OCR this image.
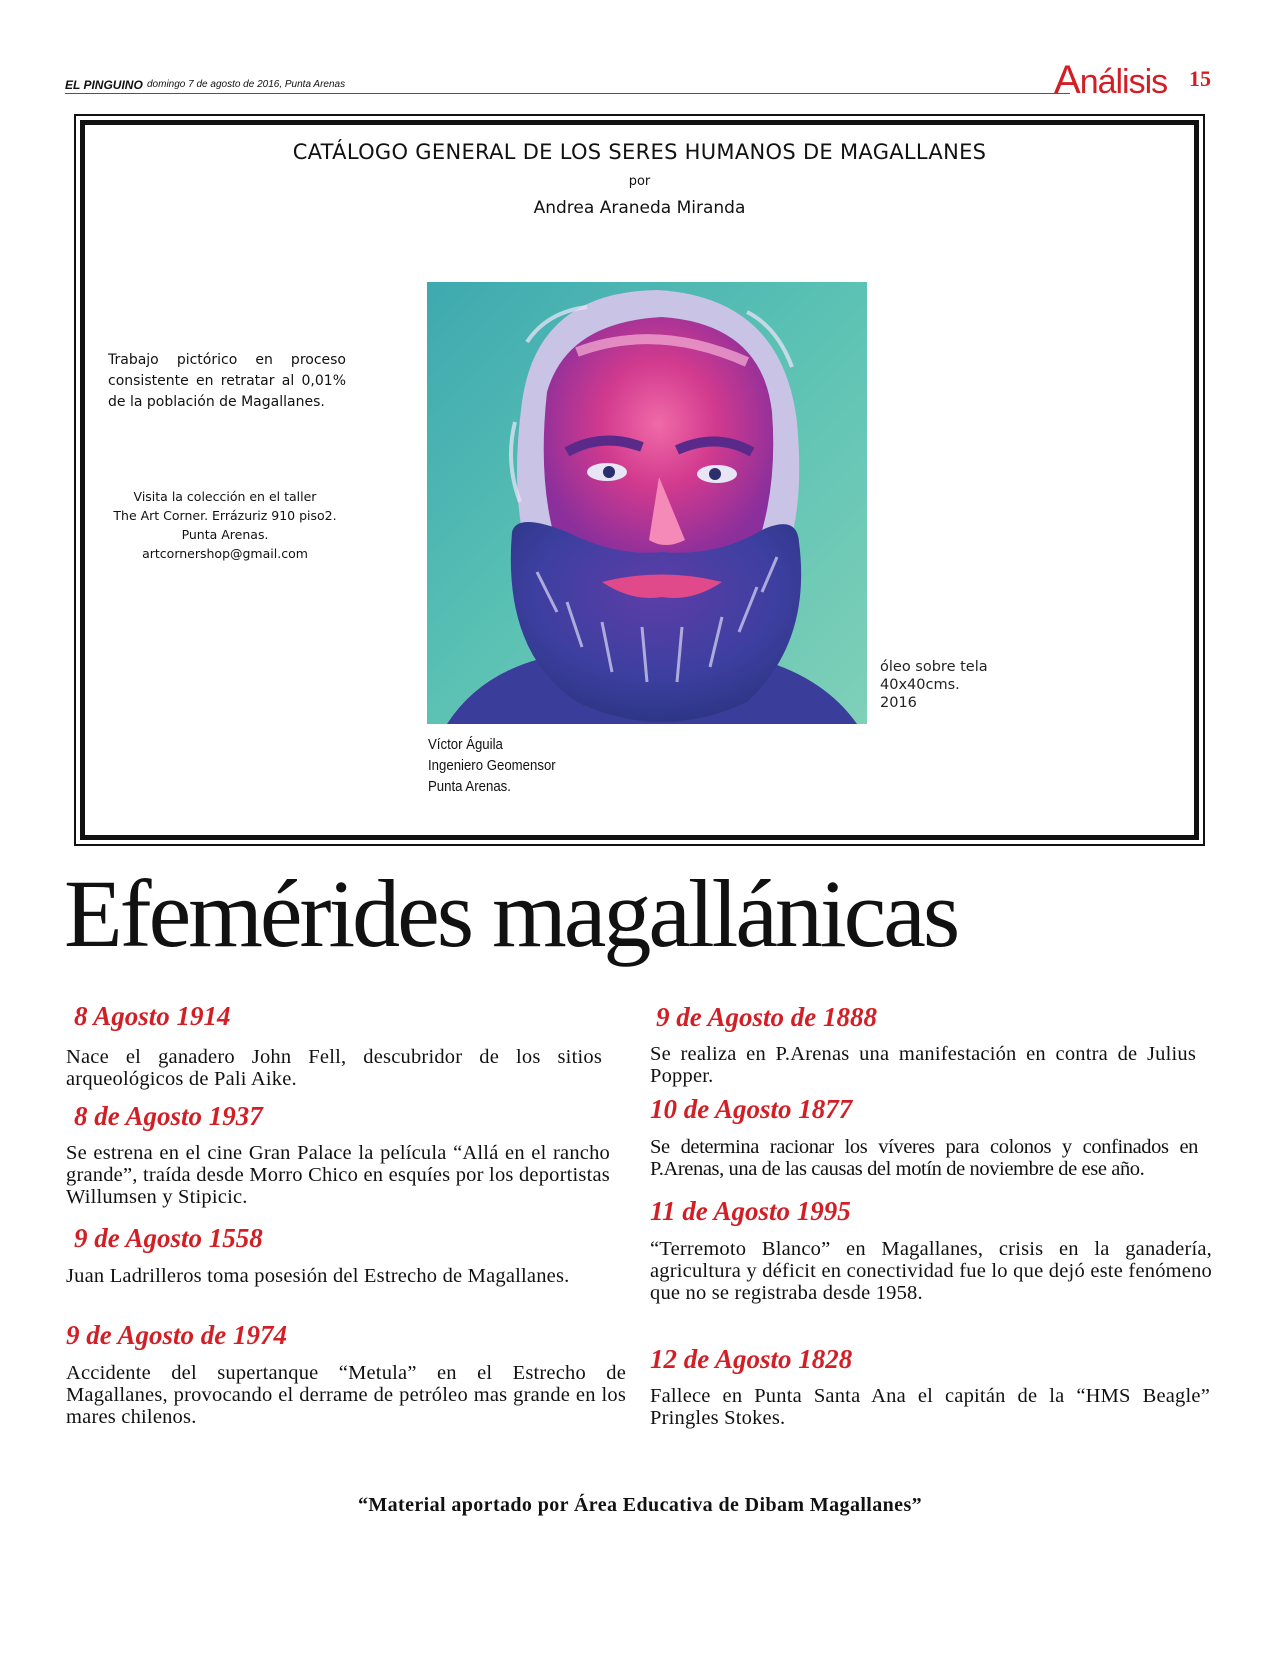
EL PINGUINO domingo 7 de agosto de 2016, Punta Arenas	Análisis 15
CATÁLOGO GENERAL DE LOS SERES HUMANOS DE MAGALLANES
por
Andrea Araneda Miranda
Trabajo pictórico en proceso consistente en retratar al 0,01% de la población de Magallanes.
Visita la colección en el taller
The Art Corner. Errázuriz 910 piso2.
Punta Arenas.
artcornershop@gmail.com
óleo sobre tela
40x40cms.
2016
Víctor Águila
Ingeniero Geomensor
Punta Arenas.
Efemérides magallánicas
8 Agosto 1914
Nace el ganadero John Fell, descubridor de los sitios arqueológicos de Pali Aike.
8 de Agosto 1937
Se estrena en el cine Gran Palace la película “Allá en el rancho grande”, traída desde Morro Chico en esquíes por los deportistas Willumsen y Stipicic.
9 de Agosto 1558
Juan Ladrilleros toma posesión del Estrecho de Magallanes.
9 de Agosto de 1974
Accidente del supertanque “Metula” en el Estrecho de Magallanes, provocando el derrame de petróleo mas grande en los mares chilenos.
9 de Agosto de 1888
Se realiza en P.Arenas una manifestación en contra de Julius Popper.
10 de Agosto 1877
Se determina racionar los víveres para colonos y confinados en P.Arenas, una de las causas del motín de noviembre de ese año.
11 de Agosto 1995
“Terremoto Blanco” en Magallanes, crisis en la ganadería, agricultura y déficit en conectividad fue lo que dejó este fenómeno que no se registraba desde 1958.
12 de Agosto 1828
Fallece en Punta Santa Ana el capitán de la “HMS Beagle” Pringles Stokes.
“Material aportado por Área Educativa de Dibam Magallanes”
